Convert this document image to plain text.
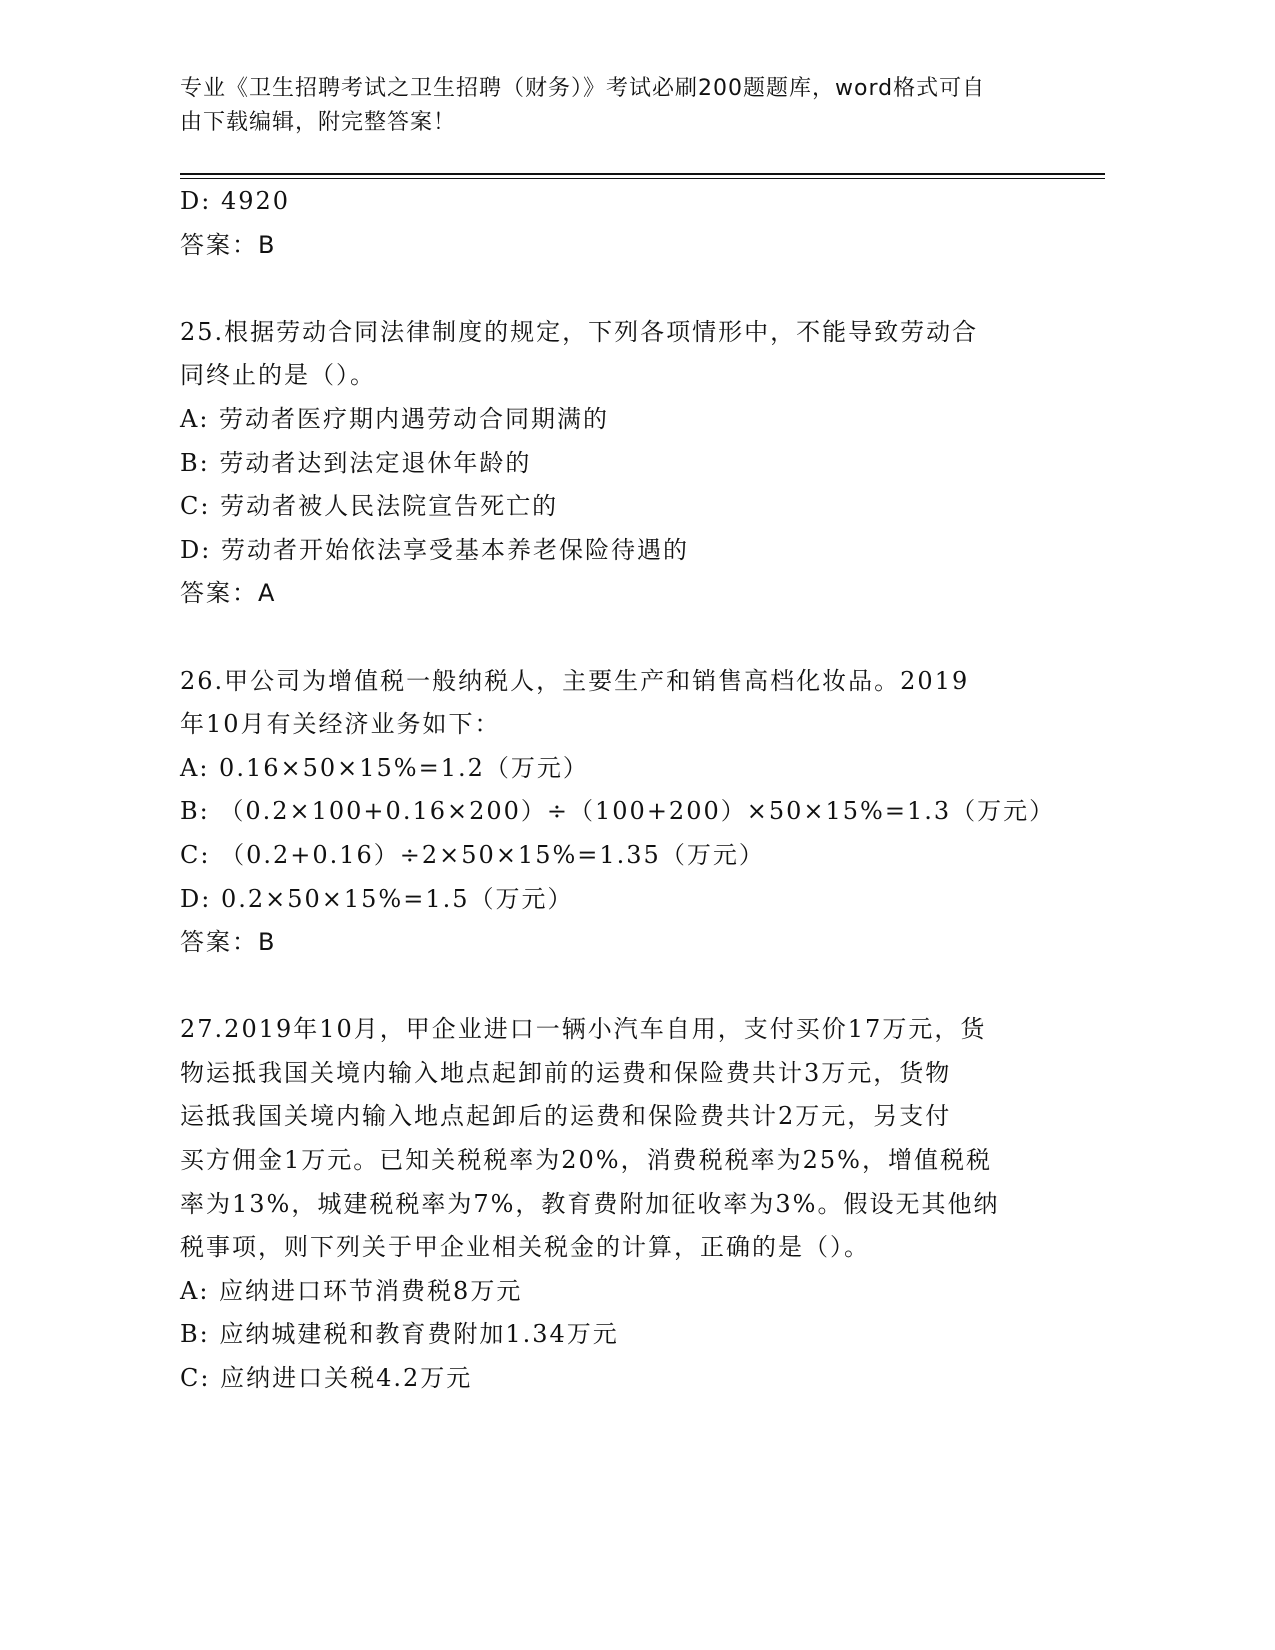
专业《卫生招聘考试之卫生招聘（财务）》考试必刷200题题库，word格式可自
由下载编辑，附完整答案！
D: 4920
答案：B
25.根据劳动合同法律制度的规定，下列各项情形中，不能导致劳动合
同终止的是（）。
A: 劳动者医疗期内遇劳动合同期满的
B: 劳动者达到法定退休年龄的
C: 劳动者被人民法院宣告死亡的
D: 劳动者开始依法享受基本养老保险待遇的
答案：A
26.甲公司为增值税一般纳税人，主要生产和销售高档化妆品。2019
年10月有关经济业务如下：
A: 0.16×50×15%=1.2（万元）
B: （0.2×100+0.16×200）÷（100+200）×50×15%=1.3（万元）
C: （0.2+0.16）÷2×50×15%=1.35（万元）
D: 0.2×50×15%=1.5（万元）
答案：B
27.2019年10月，甲企业进口一辆小汽车自用，支付买价17万元，货
物运抵我国关境内输入地点起卸前的运费和保险费共计3万元，货物
运抵我国关境内输入地点起卸后的运费和保险费共计2万元，另支付
买方佣金1万元。已知关税税率为20%，消费税税率为25%，增值税税
率为13%，城建税税率为7%，教育费附加征收率为3%。假设无其他纳
税事项，则下列关于甲企业相关税金的计算，正确的是（）。
A: 应纳进口环节消费税8万元
B: 应纳城建税和教育费附加1.34万元
C: 应纳进口关税4.2万元
